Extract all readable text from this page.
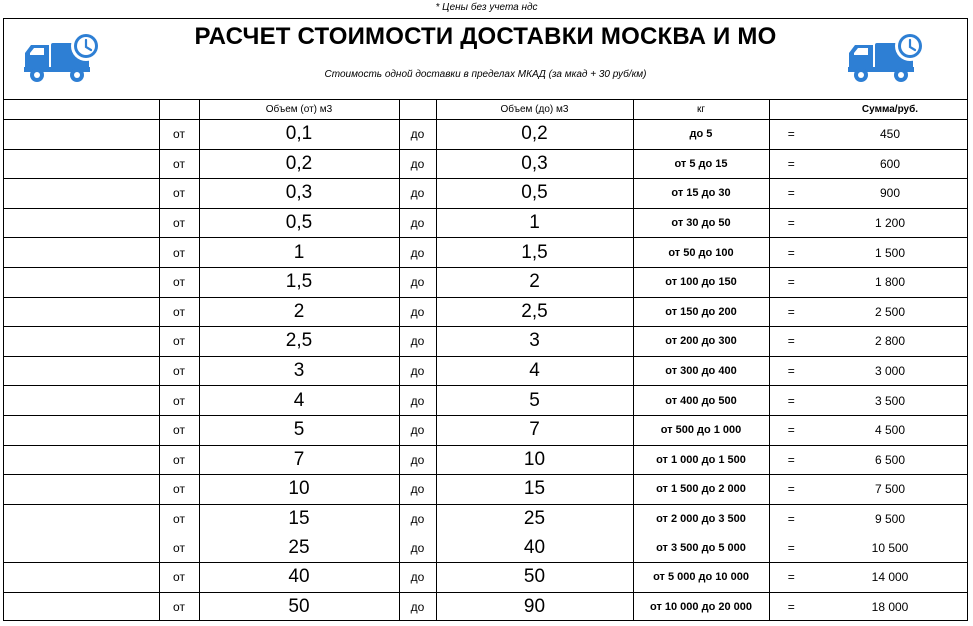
* Цены без учета ндс
РАСЧЕТ СТОИМОСТИ ДОСТАВКИ МОСКВА И МО
Стоимость одной доставки в пределах МКАД (за мкад + 30 руб/км)
		Объем (от) м3		Объем (до) м3	кг		Сумма/руб.
	от	0,1	до	0,2	до 5	=	450
	от	0,2	до	0,3	от 5 до 15	=	600
	от	0,3	до	0,5	от 15 до 30	=	900
	от	0,5	до	1	от 30 до 50	=	1 200
	от	1	до	1,5	от 50 до 100	=	1 500
	от	1,5	до	2	от 100 до 150	=	1 800
	от	2	до	2,5	от 150 до 200	=	2 500
	от	2,5	до	3	от 200 до 300	=	2 800
	от	3	до	4	от 300 до 400	=	3 000
	от	4	до	5	от 400 до 500	=	3 500
	от	5	до	7	от 500 до 1 000	=	4 500
	от	7	до	10	от 1 000 до 1 500	=	6 500
	от	10	до	15	от 1 500 до 2 000	=	7 500
	от	15	до	25	от 2 000 до 3 500	=	9 500
	от	25	до	40	от 3 500 до 5 000	=	10 500
	от	40	до	50	от 5 000 до 10 000	=	14 000
	от	50	до	90	от 10 000 до 20 000	=	18 000
